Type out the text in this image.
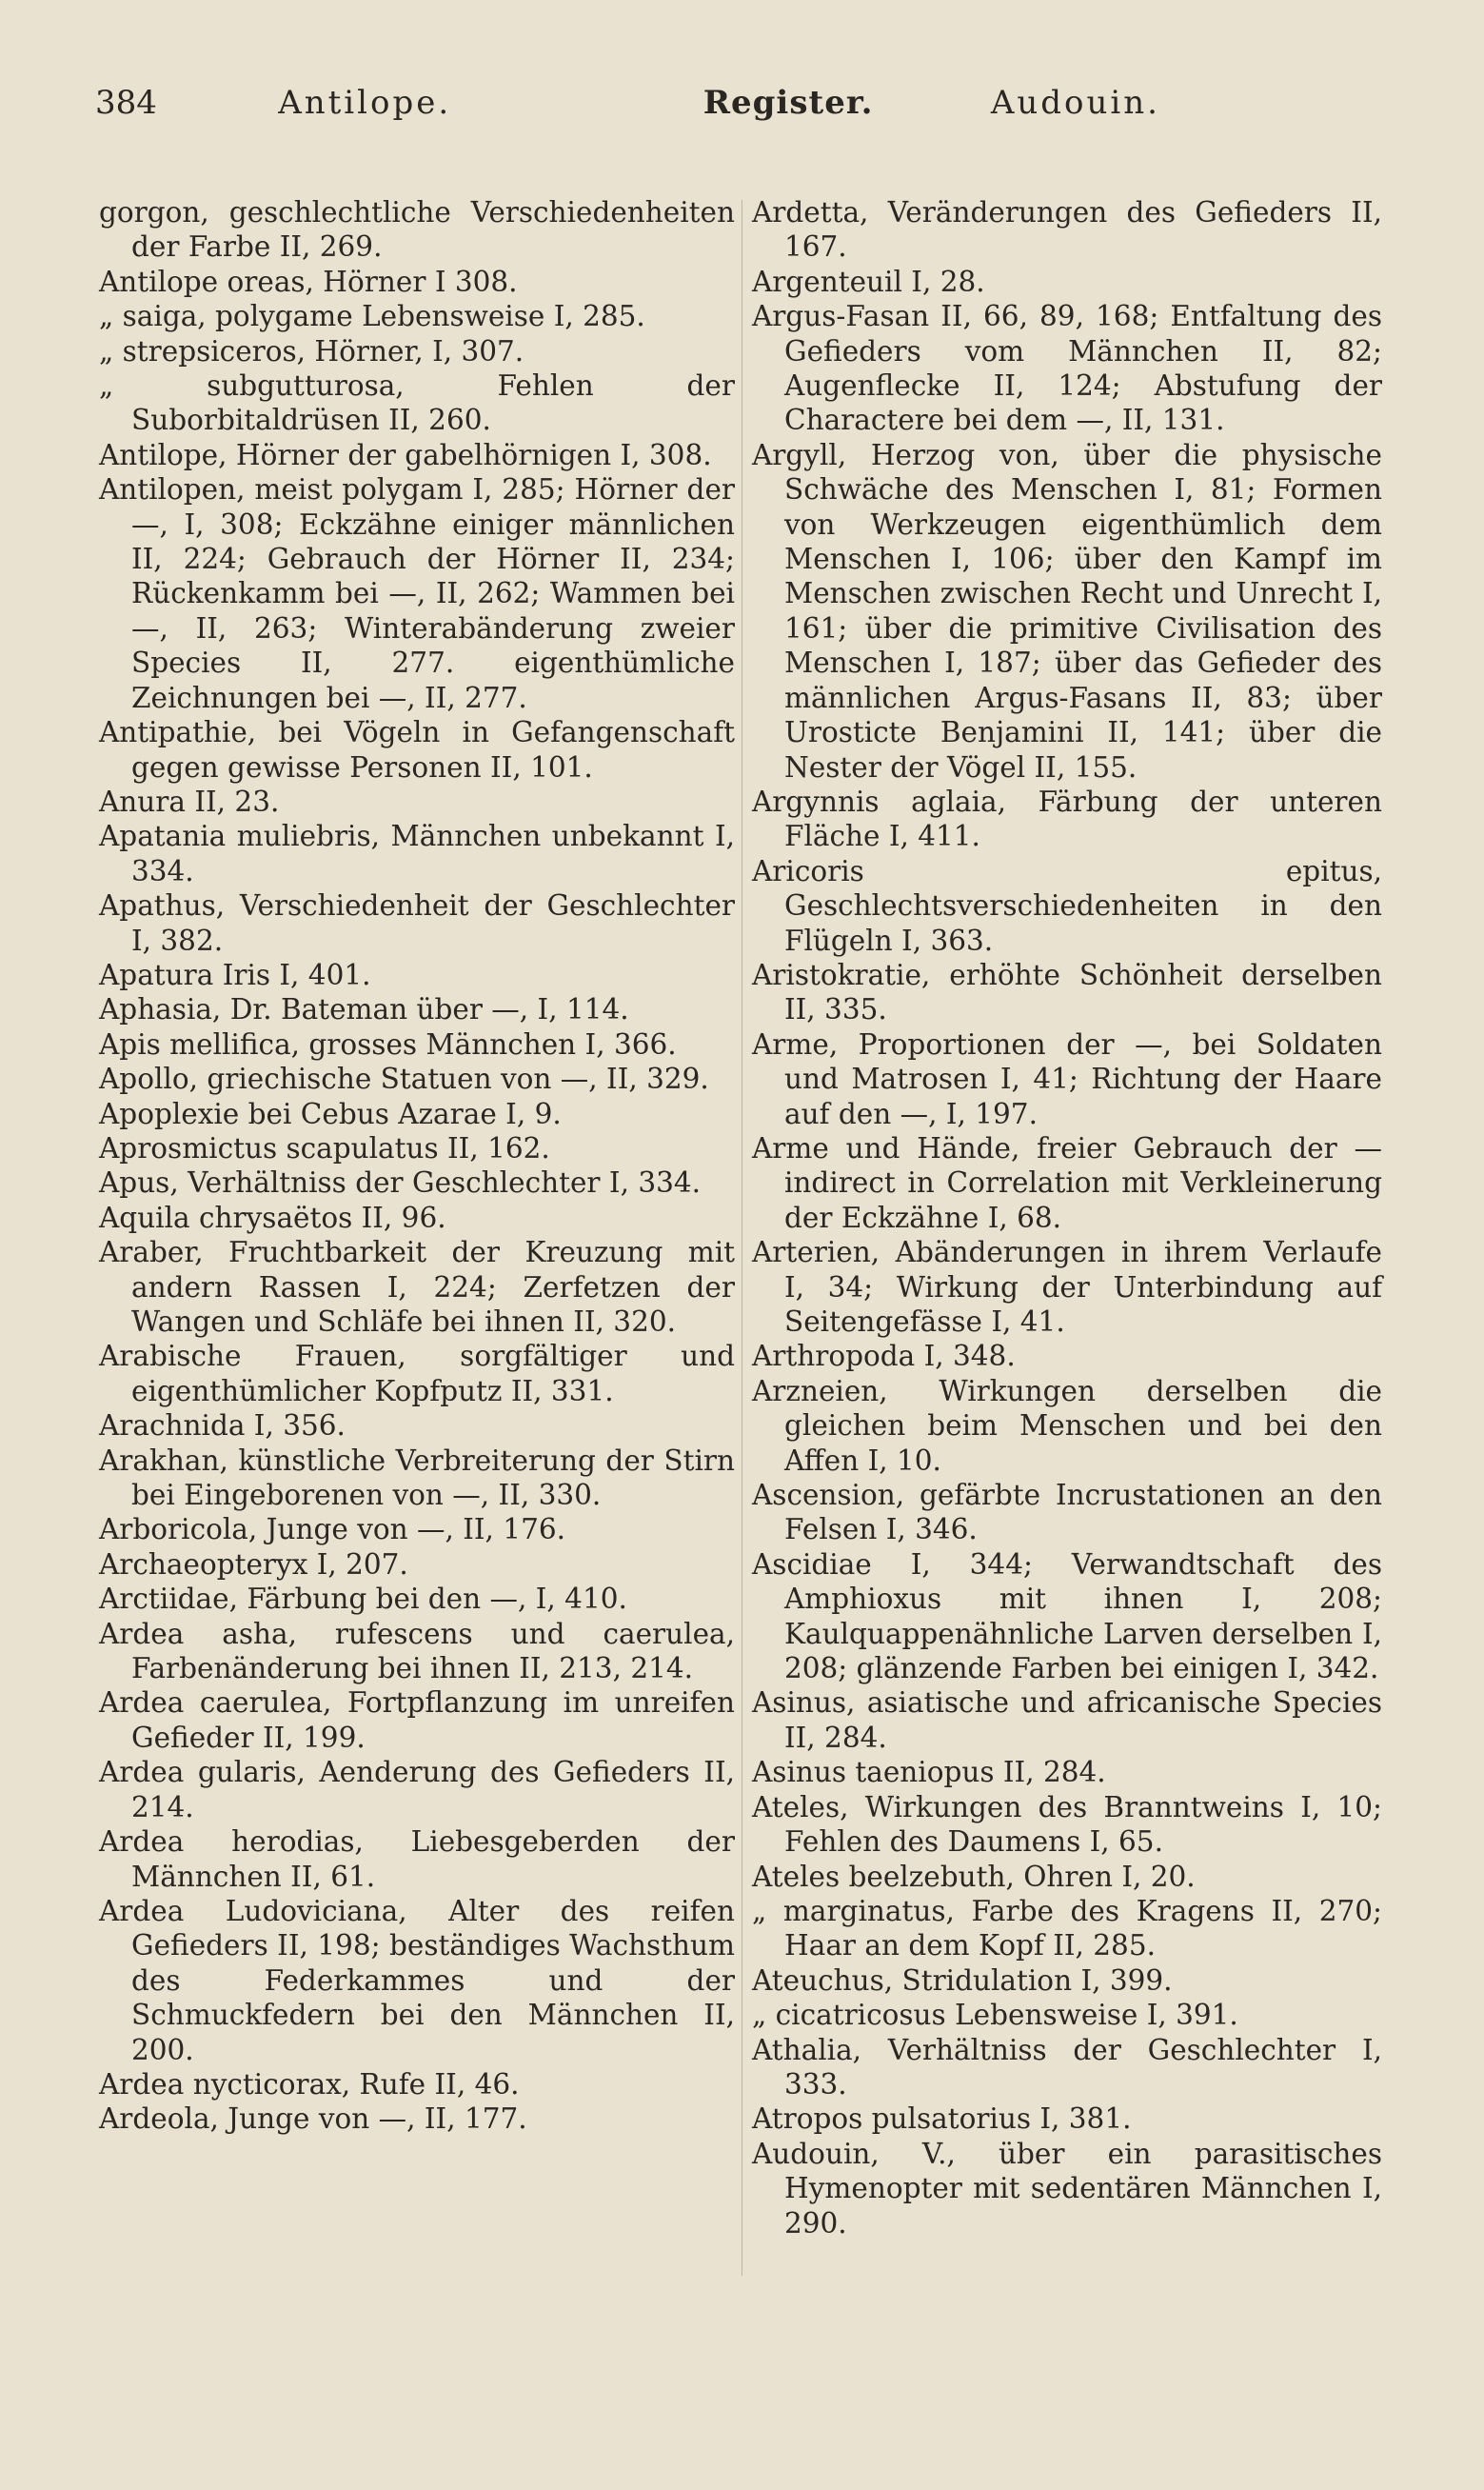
384	Antilope.	Register.	Audouin.
gorgon, geschlechtliche Verschiedenheiten der Farbe II, 269.
Antilope oreas, Hörner I 308.
„ saiga, polygame Lebensweise I, 285.
„ strepsiceros, Hörner, I, 307.
„ subgutturosa, Fehlen der Suborbitaldrüsen II, 260.
Antilope, Hörner der gabelhörnigen I, 308.
Antilopen, meist polygam I, 285; Hörner der —, I, 308; Eckzähne einiger männlichen II, 224; Gebrauch der Hörner II, 234; Rückenkamm bei —, II, 262; Wammen bei —, II, 263; Winterabänderung zweier Species II, 277. eigenthümliche Zeichnungen bei —, II, 277.
Antipathie, bei Vögeln in Gefangenschaft gegen gewisse Personen II, 101.
Anura II, 23.
Apatania muliebris, Männchen unbekannt I, 334.
Apathus, Verschiedenheit der Geschlechter I, 382.
Apatura Iris I, 401.
Aphasia, Dr. Bateman über —, I, 114.
Apis mellifica, grosses Männchen I, 366.
Apollo, griechische Statuen von —, II, 329.
Apoplexie bei Cebus Azarae I, 9.
Aprosmictus scapulatus II, 162.
Apus, Verhältniss der Geschlechter I, 334.
Aquila chrysaëtos II, 96.
Araber, Fruchtbarkeit der Kreuzung mit andern Rassen I, 224; Zerfetzen der Wangen und Schläfe bei ihnen II, 320.
Arabische Frauen, sorgfältiger und eigenthümlicher Kopfputz II, 331.
Arachnida I, 356.
Arakhan, künstliche Verbreiterung der Stirn bei Eingeborenen von —, II, 330.
Arboricola, Junge von —, II, 176.
Archaeopteryx I, 207.
Arctiidae, Färbung bei den —, I, 410.
Ardea asha, rufescens und caerulea, Farbenänderung bei ihnen II, 213, 214.
Ardea caerulea, Fortpflanzung im unreifen Gefieder II, 199.
Ardea gularis, Aenderung des Gefieders II, 214.
Ardea herodias, Liebesgeberden der Männchen II, 61.
Ardea Ludoviciana, Alter des reifen Gefieders II, 198; beständiges Wachsthum des Federkammes und der Schmuckfedern bei den Männchen II, 200.
Ardea nycticorax, Rufe II, 46.
Ardeola, Junge von —, II, 177.
Ardetta, Veränderungen des Gefieders II, 167.
Argenteuil I, 28.
Argus-Fasan II, 66, 89, 168; Entfaltung des Gefieders vom Männchen II, 82; Augenflecke II, 124; Abstufung der Charactere bei dem —, II, 131.
Argyll, Herzog von, über die physische Schwäche des Menschen I, 81; Formen von Werkzeugen eigenthümlich dem Menschen I, 106; über den Kampf im Menschen zwischen Recht und Unrecht I, 161; über die primitive Civilisation des Menschen I, 187; über das Gefieder des männlichen Argus-Fasans II, 83; über Urosticte Benjamini II, 141; über die Nester der Vögel II, 155.
Argynnis aglaia, Färbung der unteren Fläche I, 411.
Aricoris epitus, Geschlechtsverschiedenheiten in den Flügeln I, 363.
Aristokratie, erhöhte Schönheit derselben II, 335.
Arme, Proportionen der —, bei Soldaten und Matrosen I, 41; Richtung der Haare auf den —, I, 197.
Arme und Hände, freier Gebrauch der — indirect in Correlation mit Verkleinerung der Eckzähne I, 68.
Arterien, Abänderungen in ihrem Verlaufe I, 34; Wirkung der Unterbindung auf Seitengefässe I, 41.
Arthropoda I, 348.
Arzneien, Wirkungen derselben die gleichen beim Menschen und bei den Affen I, 10.
Ascension, gefärbte Incrustationen an den Felsen I, 346.
Ascidiae I, 344; Verwandtschaft des Amphioxus mit ihnen I, 208; Kaulquappenähnliche Larven derselben I, 208; glänzende Farben bei einigen I, 342.
Asinus, asiatische und africanische Species II, 284.
Asinus taeniopus II, 284.
Ateles, Wirkungen des Branntweins I, 10; Fehlen des Daumens I, 65.
Ateles beelzebuth, Ohren I, 20.
„ marginatus, Farbe des Kragens II, 270; Haar an dem Kopf II, 285.
Ateuchus, Stridulation I, 399.
„ cicatricosus Lebensweise I, 391.
Athalia, Verhältniss der Geschlechter I, 333.
Atropos pulsatorius I, 381.
Audouin, V., über ein parasitisches Hymenopter mit sedentären Männchen I, 290.
